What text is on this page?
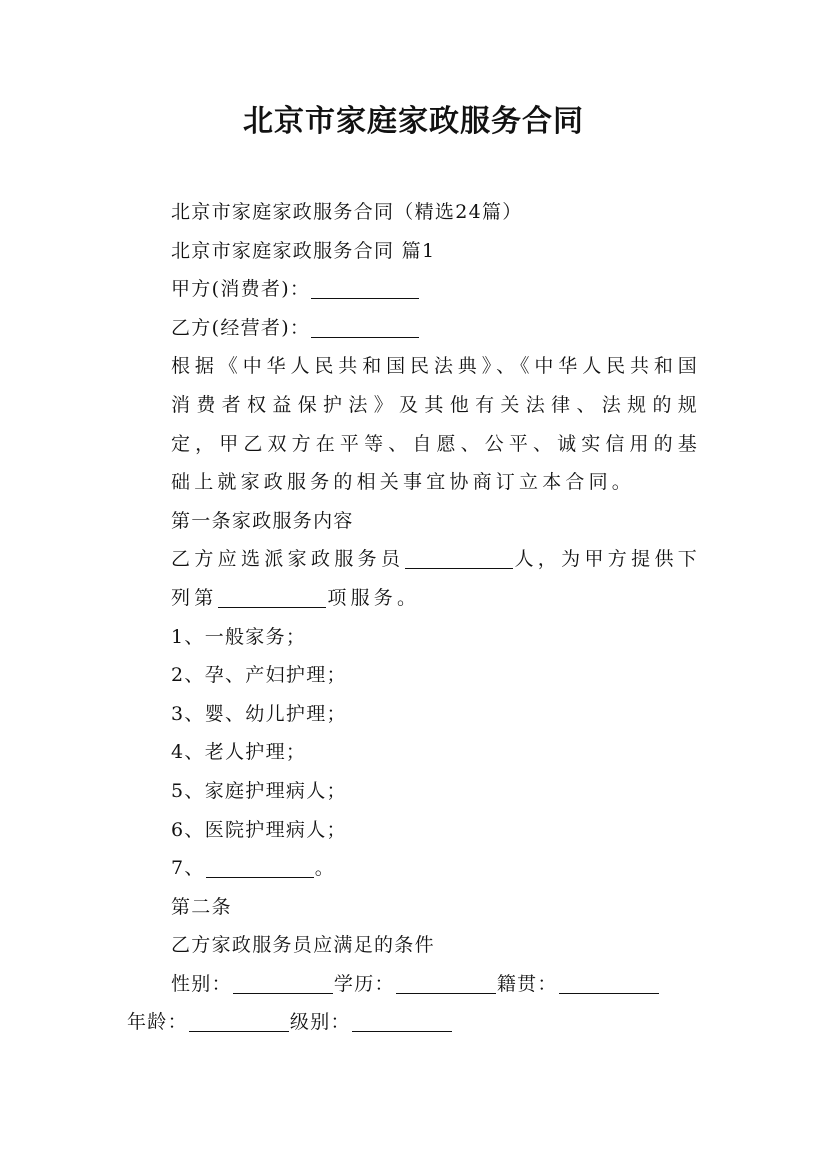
北京市家庭家政服务合同

北京市家庭家政服务合同（精选24篇）

北京市家庭家政服务合同 篇1

甲方(消费者)：

乙方(经营者)：

根据《中华人民共和国民法典》、《中华人民共和国消费者权益保护法》及其他有关法律、法规的规定，甲乙双方在平等、自愿、公平、诚实信用的基础上就家政服务的相关事宜协商订立本合同。

第一条家政服务内容

乙方应选派家政服务员	人，为甲方提供下列第	项服务。

1、一般家务；

2、孕、产妇护理；

3、婴、幼儿护理；

4、老人护理；

5、家庭护理病人；

6、医院护理病人；

7、	。

第二条

乙方家政服务员应满足的条件

性别：	学历：	籍贯：

年龄：	级别：
